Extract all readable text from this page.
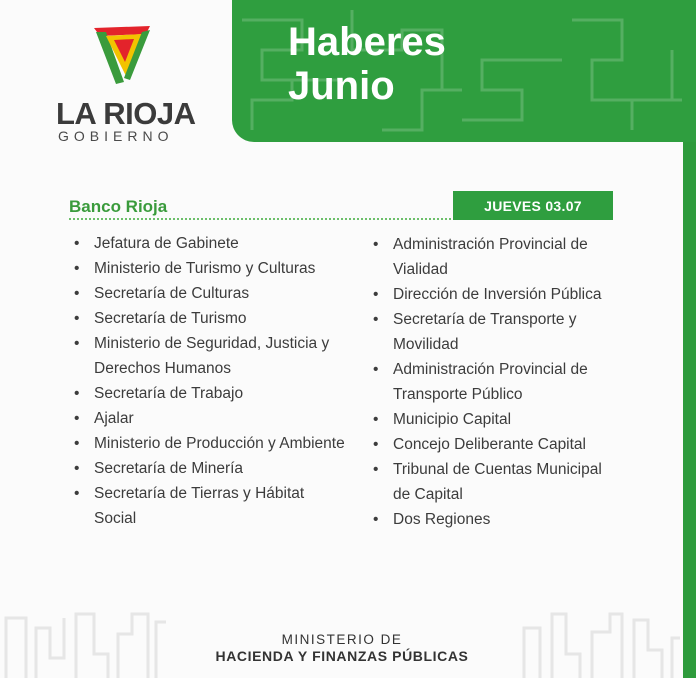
Haberes
Junio
LA RIOJA
GOBIERNO
Banco Rioja	JUEVES 03.07
• Jefatura de Gabinete
• Ministerio de Turismo y Culturas
• Secretaría de Culturas
• Secretaría de Turismo
• Ministerio de Seguridad, Justicia y Derechos Humanos
• Secretaría de Trabajo
• Ajalar
• Ministerio de Producción y Ambiente
• Secretaría de Minería
• Secretaría de Tierras y Hábitat Social
• Administración Provincial de Vialidad
• Dirección de Inversión Pública
• Secretaría de Transporte y Movilidad
• Administración Provincial de Transporte Público
• Municipio Capital
• Concejo Deliberante Capital
• Tribunal de Cuentas Municipal de Capital
• Dos Regiones
MINISTERIO DE
HACIENDA Y FINANZAS PÚBLICAS
